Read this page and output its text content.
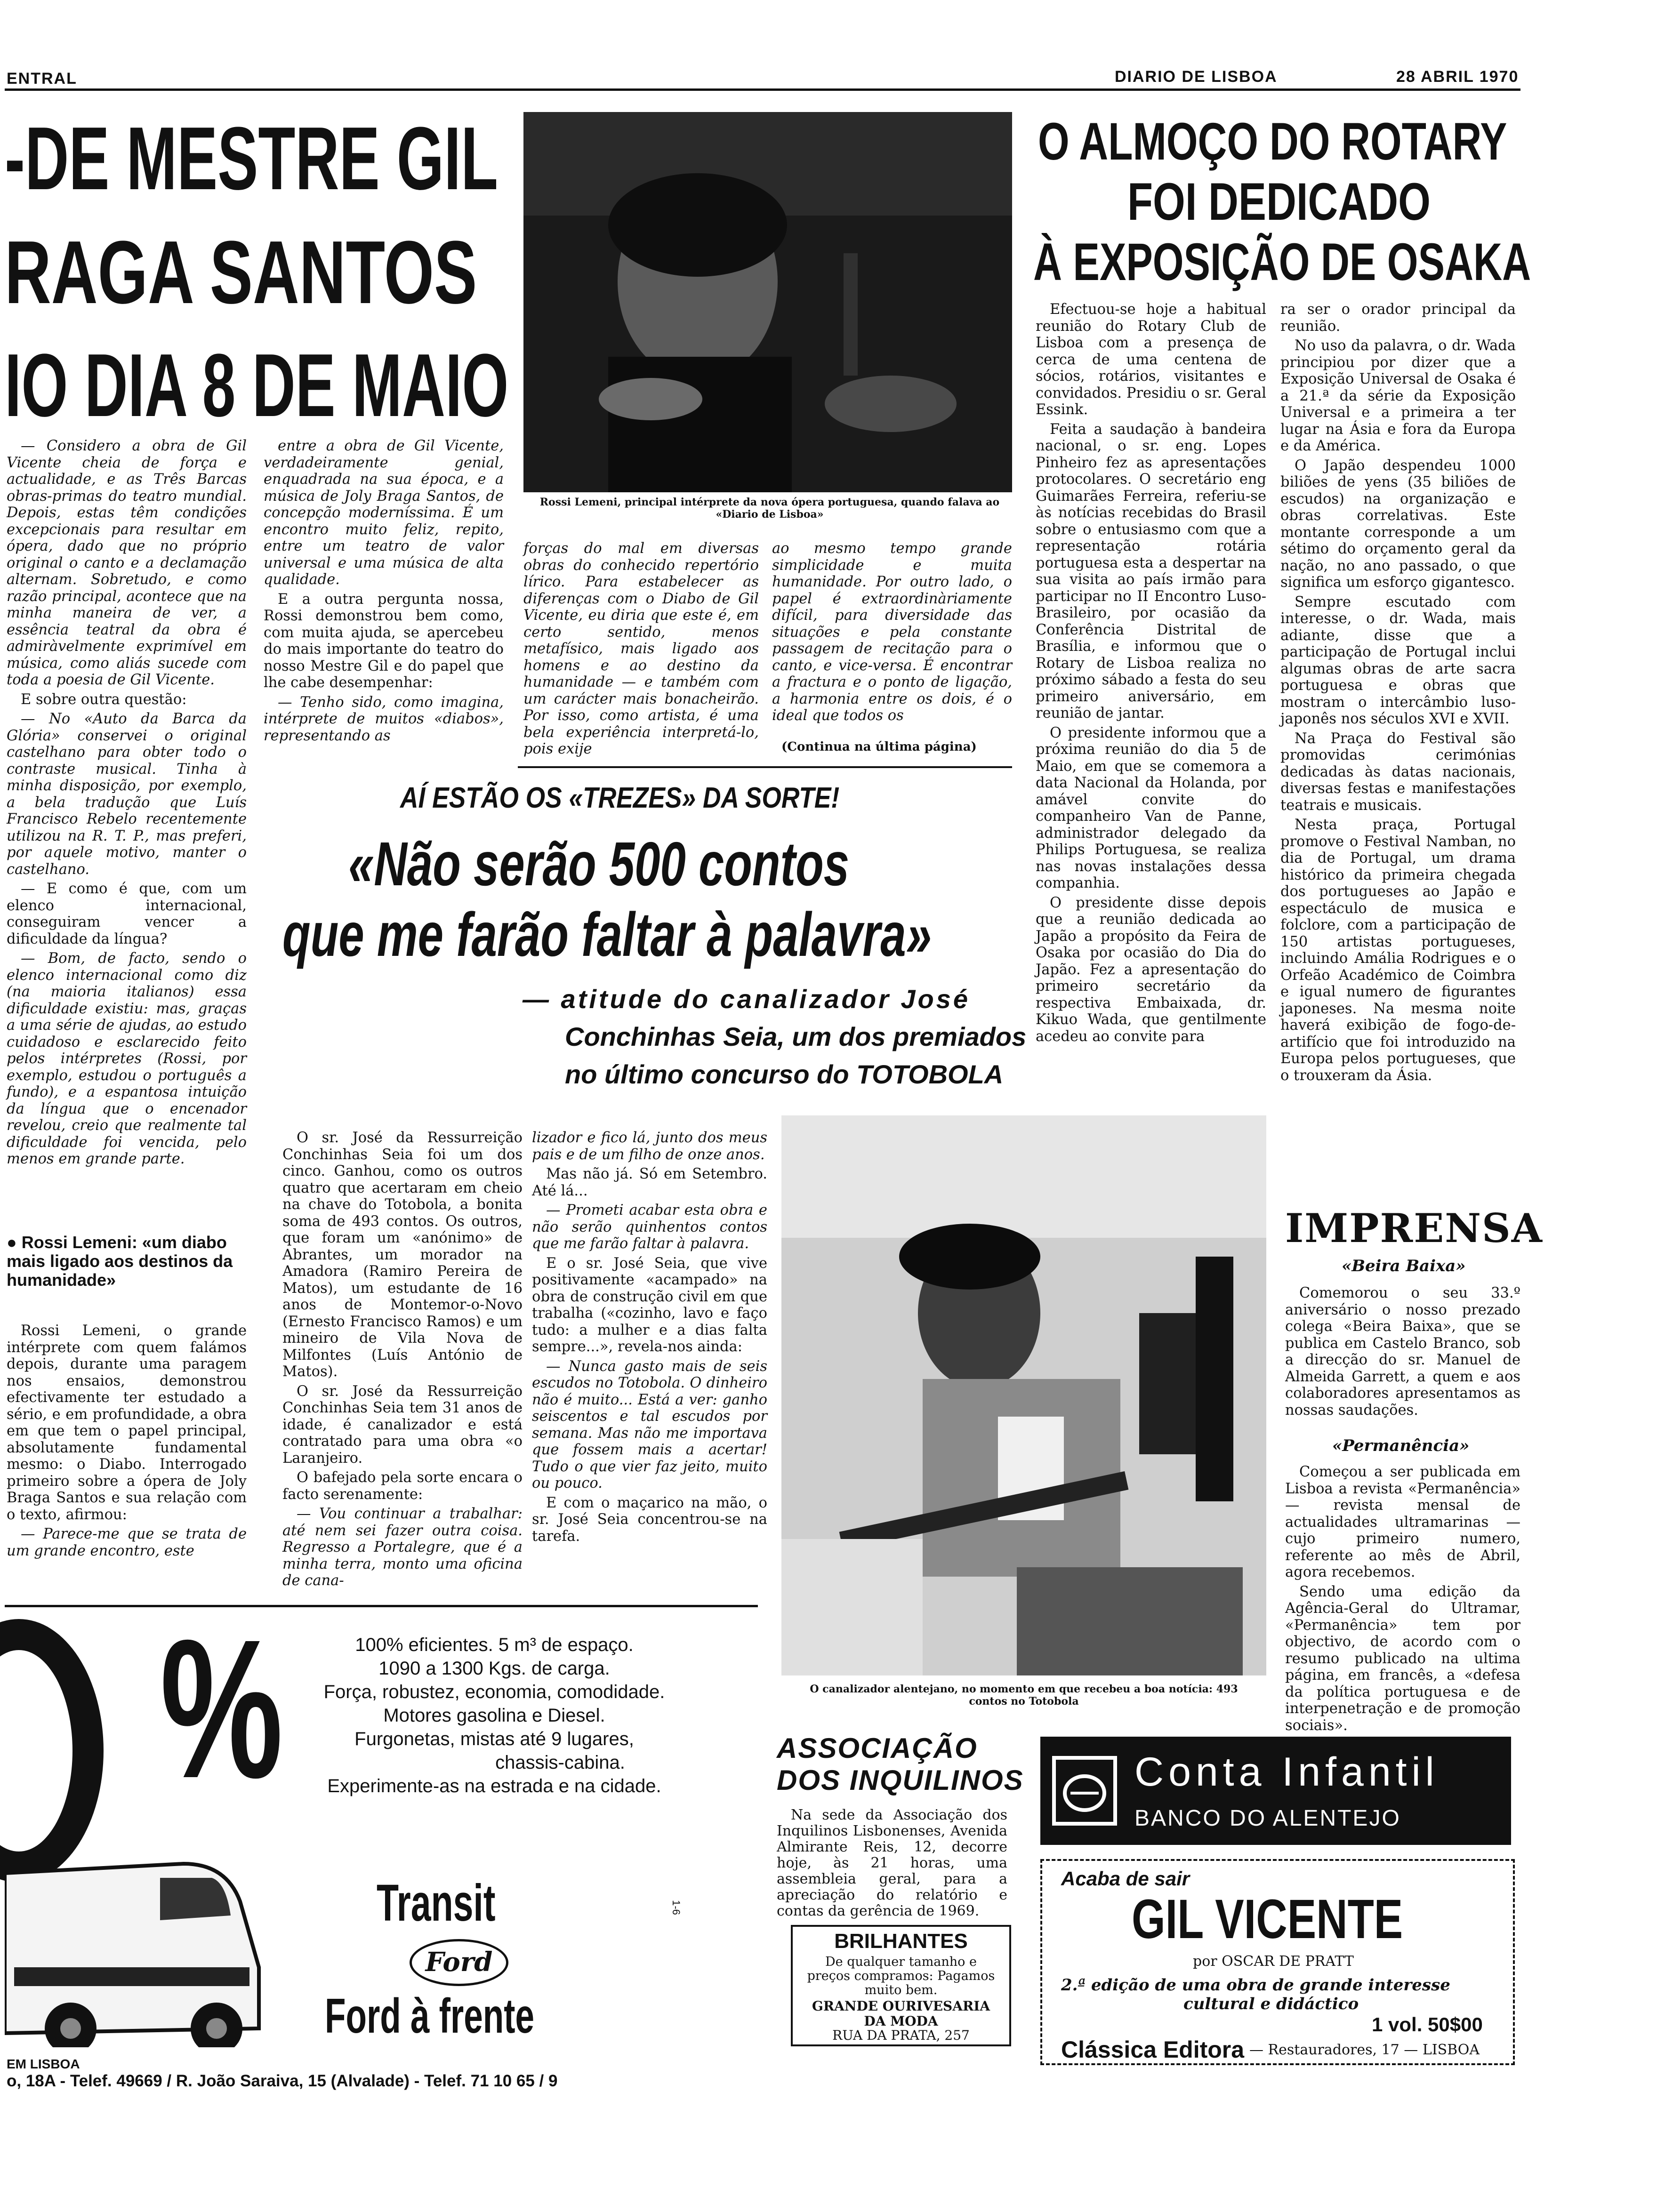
ENTRAL	DIARIO DE LISBOA	28 ABRIL 1970
-DE MESTRE GIL
RAGA SANTOS
IO DIA 8 DE MAIO
Rossi Lemeni, principal intérprete da nova ópera portuguesa, quando falava ao «Diario de Lisboa»

— Considero a obra de Gil Vicente cheia de força e actualidade, e as Três Barcas obras-primas do teatro mundial. Depois, estas têm condições excepcionais para resultar em ópera, dado que no próprio original o canto e a declamação alternam. Sobretudo, e como razão principal, acontece que na minha maneira de ver, a essência teatral da obra é admiràvelmente exprimível em música, como aliás sucede com toda a poesia de Gil Vicente.

E sobre outra questão:

— No «Auto da Barca da Glória» conservei o original castelhano para obter todo o contraste musical. Tinha à minha disposição, por exemplo, a bela tradução que Luís Francisco Rebelo recentemente utilizou na R. T. P., mas preferi, por aquele motivo, manter o castelhano.

— E como é que, com um elenco internacional, conseguiram vencer a dificuldade da língua?

— Bom, de facto, sendo o elenco internacional como diz (na maioria italianos) essa dificuldade existiu: mas, graças a uma série de ajudas, ao estudo cuidadoso e esclarecido feito pelos intérpretes (Rossi, por exemplo, estudou o português a fundo), e a espantosa intuição da língua que o encenador revelou, creio que realmente tal dificuldade foi vencida, pelo menos em grande parte.

● Rossi Lemeni: «um diabo mais ligado aos destinos da humanidade»

Rossi Lemeni, o grande intérprete com quem falámos depois, durante uma paragem nos ensaios, demonstrou efectivamente ter estudado a sério, e em profundidade, a obra em que tem o papel principal, absolutamente fundamental mesmo: o Diabo. Interrogado primeiro sobre a ópera de Joly Braga Santos e sua relação com o texto, afirmou:

— Parece-me que se trata de um grande encontro, este

entre a obra de Gil Vicente, verdadeiramente genial, enquadrada na sua época, e a música de Joly Braga Santos, de concepção moderníssima. É um encontro muito feliz, repito, entre um teatro de valor universal e uma música de alta qualidade.

E a outra pergunta nossa, Rossi demonstrou bem como, com muita ajuda, se apercebeu do mais importante do teatro do nosso Mestre Gil e do papel que lhe cabe desempenhar:

— Tenho sido, como imagina, intérprete de muitos «diabos», representando as

forças do mal em diversas obras do conhecido repertório lírico. Para estabelecer as diferenças com o Diabo de Gil Vicente, eu diria que este é, em certo sentido, menos metafísico, mais ligado aos homens e ao destino da humanidade — e também com um carácter mais bonacheirão. Por isso, como artista, é uma bela experiência interpretá-lo, pois exije

ao mesmo tempo grande simplicidade e muita humanidade. Por outro lado, o papel é extraordinàriamente difícil, para diversidade das situações e pela constante passagem de recitação para o canto, e vice-versa. É encontrar a fractura e o ponto de ligação, a harmonia entre os dois, é o ideal que todos os

(Continua na última página)
O ALMOÇO DO ROTARY
FOI DEDICADO
À EXPOSIÇÃO DE OSAKA

Efectuou-se hoje a habitual reunião do Rotary Club de Lisboa com a presença de cerca de uma centena de sócios, rotários, visitantes e convidados. Presidiu o sr. Geral Essink.

Feita a saudação à bandeira nacional, o sr. eng. Lopes Pinheiro fez as apresentações protocolares. O secretário eng Guimarães Ferreira, referiu-se às notícias recebidas do Brasil sobre o entusiasmo com que a representação rotária portuguesa esta a despertar na sua visita ao país irmão para participar no II Encontro Luso-Brasileiro, por ocasião da Conferência Distrital de Brasília, e informou que o Rotary de Lisboa realiza no próximo sábado a festa do seu primeiro aniversário, em reunião de jantar.

O presidente informou que a próxima reunião do dia 5 de Maio, em que se comemora a data Nacional da Holanda, por amável convite do companheiro Van de Panne, administrador delegado da Philips Portuguesa, se realiza nas novas instalações dessa companhia.

O presidente disse depois que a reunião dedicada ao Japão a propósito da Feira de Osaka por ocasião do Dia do Japão. Fez a apresentação do primeiro secretário da respectiva Embaixada, dr. Kikuo Wada, que gentilmente acedeu ao convite para

ra ser o orador principal da reunião.

No uso da palavra, o dr. Wada principiou por dizer que a Exposição Universal de Osaka é a 21.ª da série da Exposição Universal e a primeira a ter lugar na Ásia e fora da Europa e da América.

O Japão despendeu 1000 biliões de yens (35 biliões de escudos) na organização e obras correlativas. Este montante corresponde a um sétimo do orçamento geral da nação, no ano passado, o que significa um esforço gigantesco.

Sempre escutado com interesse, o dr. Wada, mais adiante, disse que a participação de Portugal inclui algumas obras de arte sacra portuguesa e obras que mostram o intercâmbio luso-japonês nos séculos XVI e XVII.

Na Praça do Festival são promovidas cerimónias dedicadas às datas nacionais, diversas festas e manifestações teatrais e musicais.

Nesta praça, Portugal promove o Festival Namban, no dia de Portugal, um drama histórico da primeira chegada dos portugueses ao Japão e espectáculo de musica e folclore, com a participação de 150 artistas portugueses, incluindo Amália Rodrigues e o Orfeão Académico de Coimbra e igual numero de figurantes japoneses. Na mesma noite haverá exibição de fogo-de-artifício que foi introduzido na Europa pelos portugueses, que o trouxeram da Ásia.

AÍ ESTÃO OS «TREZES» DA SORTE!
«Não serão 500 contos
que me farão faltar à palavra»
— atitude do canalizador José
Conchinhas Seia, um dos premiados
no último concurso do TOTOBOLA

O sr. José da Ressurreição Conchinhas Seia foi um dos cinco. Ganhou, como os outros quatro que acertaram em cheio na chave do Totobola, a bonita soma de 493 contos. Os outros, que foram um «anónimo» de Abrantes, um morador na Amadora (Ramiro Pereira de Matos), um estudante de 16 anos de Montemor-o-Novo (Ernesto Francisco Ramos) e um mineiro de Vila Nova de Milfontes (Luís António de Matos).

O sr. José da Ressurreição Conchinhas Seia tem 31 anos de idade, é canalizador e está contratado para uma obra «o Laranjeiro.

O bafejado pela sorte encara o facto serenamente:

— Vou continuar a trabalhar: até nem sei fazer outra coisa. Regresso a Portalegre, que é a minha terra, monto uma oficina de cana-

lizador e fico lá, junto dos meus pais e de um filho de onze anos.

Mas não já. Só em Setembro. Até lá...

— Prometi acabar esta obra e não serão quinhentos contos que me farão faltar à palavra.

E o sr. José Seia, que vive positivamente «acampado» na obra de construção civil em que trabalha («cozinho, lavo e faço tudo: a mulher e a dias falta sempre...», revela-nos ainda:

— Nunca gasto mais de seis escudos no Totobola. O dinheiro não é muito... Está a ver: ganho seiscentos e tal escudos por semana. Mas não me importava que fossem mais a acertar! Tudo o que vier faz jeito, muito ou pouco.

E com o maçarico na mão, o sr. José Seia concentrou-se na tarefa.

O canalizador alentejano, no momento em que recebeu a boa notícia: 493 contos no Totobola
IMPRENSA
«Beira Baixa»

Comemorou o seu 33.º aniversário o nosso prezado colega «Beira Baixa», que se publica em Castelo Branco, sob a direcção do sr. Manuel de Almeida Garrett, a quem e aos colaboradores apresentamos as nossas saudações.

«Permanência»

Começou a ser publicada em Lisboa a revista «Permanência» — revista mensal de actualidades ultramarinas — cujo primeiro numero, referente ao mês de Abril, agora recebemos.

Sendo uma edição da Agência-Geral do Ultramar, «Permanência» tem por objectivo, de acordo com o resumo publicado na ultima página, em francês, a «defesa da política portuguesa e de interpenetração e de promoção sociais».

%	100% eficientes. 5 m³ de espaço.
1090 a 1300 Kgs. de carga.
Força, robustez, economia, comodidade.
Motores gasolina e Diesel.
Furgonetas, mistas até 9 lugares,
chassis-cabina.
Experimente-as na estrada e na cidade.
Transit
Ford
Ford à frente
1-6
EM LISBOA
o, 18A - Telef. 49669 / R. João Saraiva, 15 (Alvalade) - Telef. 71 10 65 / 9
ASSOCIAÇÃO
DOS INQUILINOS

Na sede da Associação dos Inquilinos Lisbonenses, Avenida Almirante Reis, 12, decorre hoje, às 21 horas, uma assembleia geral, para a apreciação do relatório e contas da gerência de 1969.

BRILHANTES
De qualquer tamanho e preços compramos: Pagamos muito bem.
GRANDE OURIVESARIA
DA MODA
RUA DA PRATA, 257
Conta Infantil
BANCO DO ALENTEJO
Acaba de sair
GIL VICENTE
por OSCAR DE PRATT
2.ª edição de uma obra de grande interesse
cultural e didáctico
1 vol. 50$00
Clássica Editora — Restauradores, 17 — LISBOA
